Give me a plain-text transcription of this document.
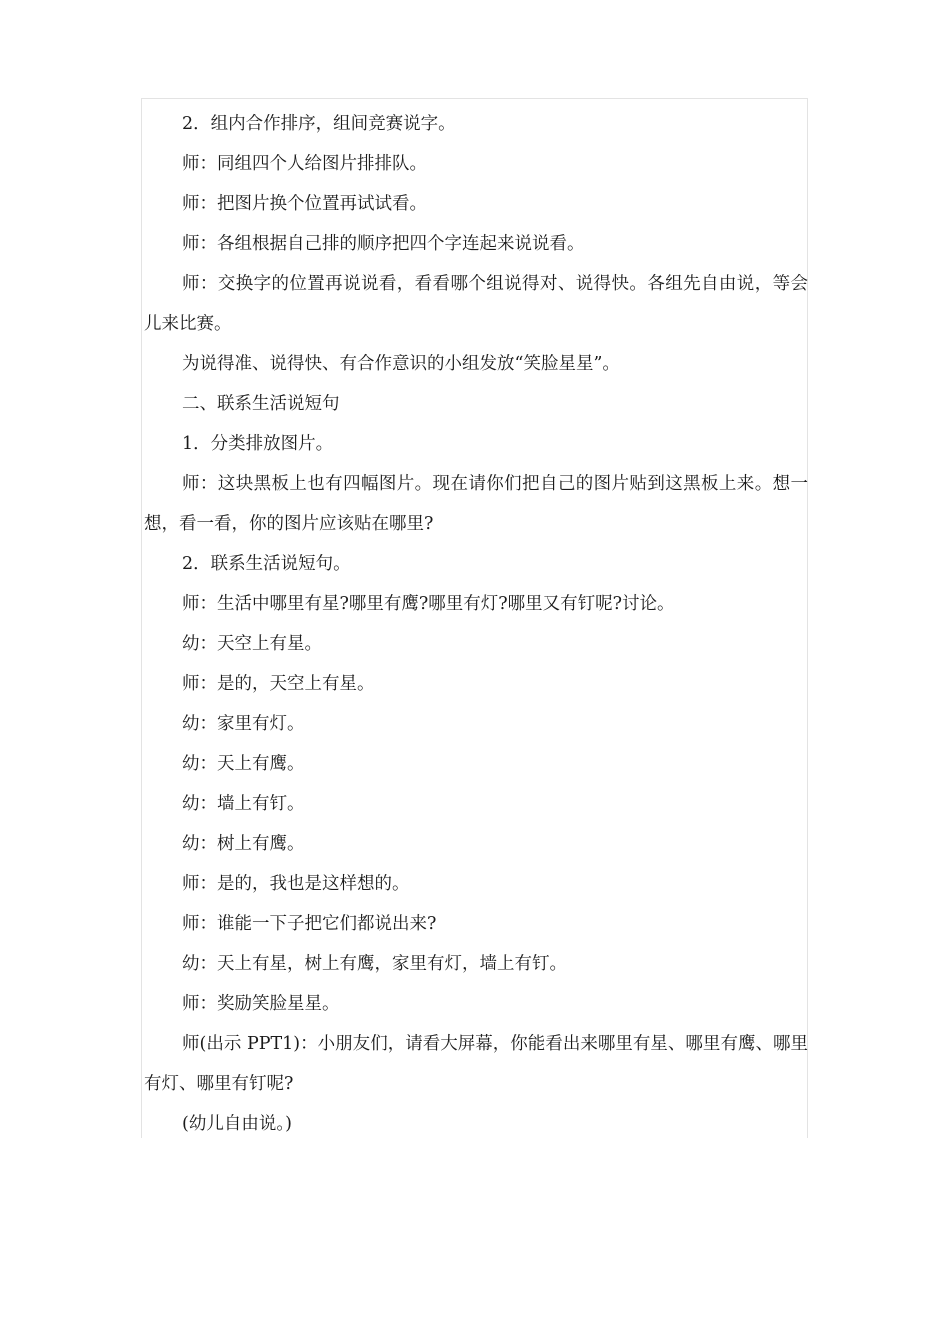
2．组内合作排序，组间竞赛说字。

师：同组四个人给图片排排队。

师：把图片换个位置再试试看。

师：各组根据自己排的顺序把四个字连起来说说看。

师：交换字的位置再说说看，看看哪个组说得对、说得快。各组先自由说，等会儿来比赛。

为说得准、说得快、有合作意识的小组发放“笑脸星星”。

二、联系生活说短句

1．分类排放图片。

师：这块黑板上也有四幅图片。现在请你们把自己的图片贴到这黑板上来。想一想，看一看，你的图片应该贴在哪里?

2．联系生活说短句。

师：生活中哪里有星?哪里有鹰?哪里有灯?哪里又有钉呢?讨论。

幼：天空上有星。

师：是的，天空上有星。

幼：家里有灯。

幼：天上有鹰。

幼：墙上有钉。

幼：树上有鹰。

师：是的，我也是这样想的。

师：谁能一下子把它们都说出来?

幼：天上有星，树上有鹰，家里有灯，墙上有钉。

师：奖励笑脸星星。

师(出示 PPT1)：小朋友们，请看大屏幕，你能看出来哪里有星、哪里有鹰、哪里有灯、哪里有钉呢?

(幼儿自由说。)
